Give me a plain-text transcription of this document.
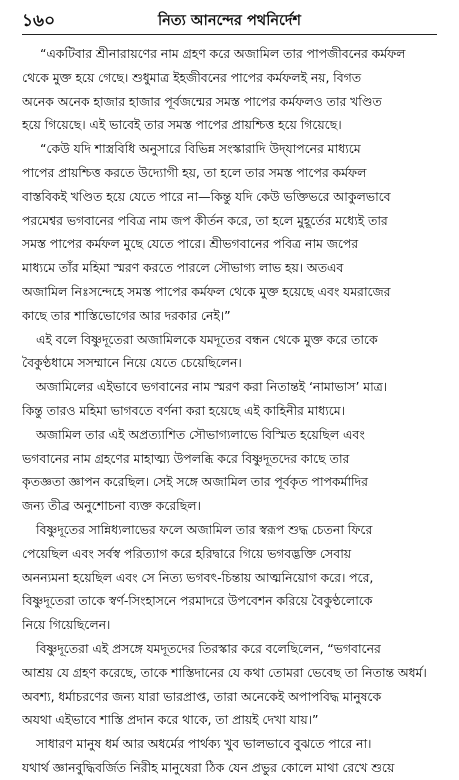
১৬০	নিত্য আনন্দের পথনির্দেশ
“একটিবার শ্রীনারায়ণের নাম গ্রহণ করে অজামিল তার পাপজীবনের কর্মফল
থেকে মুক্ত হয়ে গেছে। শুধুমাত্র ইহজীবনের পাপের কর্মফলই নয়, বিগত
অনেক অনেক হাজার হাজার পূর্বজন্মের সমস্ত পাপের কর্মফলও তার খণ্ডিত
হয়ে গিয়েছে। এই ভাবেই তার সমস্ত পাপের প্রায়শ্চিত্ত হয়ে গিয়েছে।
“কেউ যদি শাস্ত্রবিধি অনুসারে বিভিন্ন সংস্কারাদি উদ্‌যাপনের মাধ্যমে
পাপের প্রায়শ্চিত্ত করতে উদ্যোগী হয়, তা হলে তার সমস্ত পাপের কর্মফল
বাস্তবিকই খণ্ডিত হয়ে যেতে পারে না—কিন্তু যদি কেউ ভক্তিভরে আকুলভাবে
পরমেশ্বর ভগবানের পবিত্র নাম জপ কীর্তন করে, তা হলে মুহূর্তের মধ্যেই তার
সমস্ত পাপের কর্মফল মুছে যেতে পারে। শ্রীভগবানের পবিত্র নাম জপের
মাধ্যমে তাঁর মহিমা স্মরণ করতে পারলে সৌভাগ্য লাভ হয়। অতএব
অজামিল নিঃসন্দেহে সমস্ত পাপের কর্মফল থেকে মুক্ত হয়েছে এবং যমরাজের
কাছে তার শাস্তিভোগের আর দরকার নেই।”
এই বলে বিষ্ণুদূতেরা অজামিলকে যমদূতের বন্ধন থেকে মুক্ত করে তাকে
বৈকুণ্ঠধামে সসম্মানে নিয়ে যেতে চেয়েছিলেন।
অজামিলের এইভাবে ভগবানের নাম স্মরণ করা নিতান্তই ‘নামাভাস’ মাত্র।
কিন্তু তারও মহিমা ভাগবতে বর্ণনা করা হয়েছে এই কাহিনীর মাধ্যমে।
অজামিল তার এই অপ্রত্যাশিত সৌভাগ্যলাভে বিস্মিত হয়েছিল এবং
ভগবানের নাম গ্রহণের মাহাত্ম্য উপলব্ধি করে বিষ্ণুদূতদের কাছে তার
কৃতজ্ঞতা জ্ঞাপন করেছিল। সেই সঙ্গে অজামিল তার পূর্বকৃত পাপকর্মাদির
জন্য তীব্র অনুশোচনা ব্যক্ত করেছিল।
বিষ্ণুদূতের সান্নিধ্যলাভের ফলে অজামিল তার স্বরূপ শুদ্ধ চেতনা ফিরে
পেয়েছিল এবং সর্বস্ব পরিত্যাগ করে হরিদ্বারে গিয়ে ভগবদ্ভক্তি সেবায়
অনন্যমনা হয়েছিল এবং সে নিত্য ভগবৎ-চিন্তায় আত্মনিয়োগ করে। পরে,
বিষ্ণুদূতেরা তাকে স্বর্ণ-সিংহাসনে পরমাদরে উপবেশন করিয়ে বৈকুণ্ঠলোকে
নিয়ে গিয়েছিলেন।
বিষ্ণুদূতেরা এই প্রসঙ্গে যমদূতদের তিরস্কার করে বলেছিলেন, “ভগবানের
আশ্রয় যে গ্রহণ করেছে, তাকে শাস্তিদানের যে কথা তোমরা ভেবেছ তা নিতান্ত অধর্ম।
অবশ্য, ধর্মাচরণের জন্য যারা ভারপ্রাপ্ত, তারা অনেকেই অপাপবিদ্ধ মানুষকে
অযথা এইভাবে শাস্তি প্রদান করে থাকে, তা প্রায়ই দেখা যায়।”
সাধারণ মানুষ ধর্ম আর অধর্মের পার্থক্য খুব ভালভাবে বুঝতে পারে না।
যথার্থ জ্ঞানবুদ্ধিবর্জিত নিরীহ মানুষেরা ঠিক যেন প্রভুর কোলে মাথা রেখে শুয়ে
